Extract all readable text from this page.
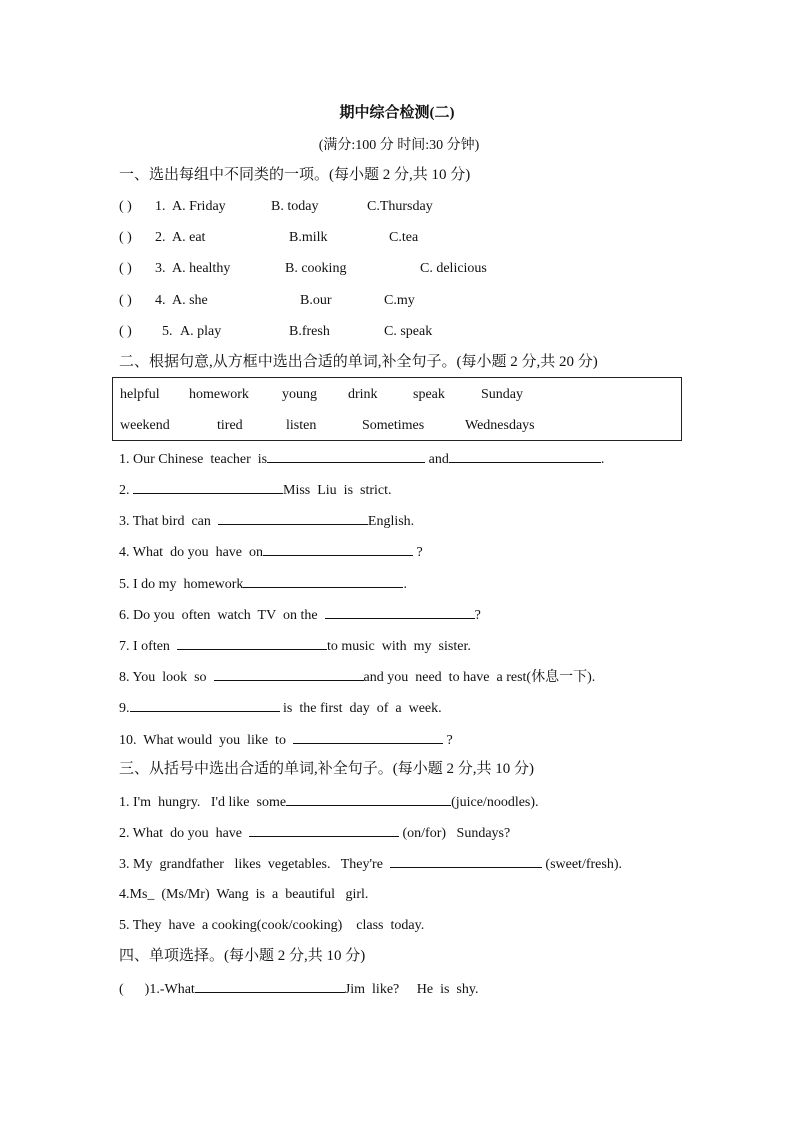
期中综合检测(二)
(满分:100 分 时间:30 分钟)
一、选出每组中不同类的一项。(每小题 2 分,共 10 分)
( ) 1. A. Friday	B. today	C.Thursday
( ) 2. A. eat	B.milk	C.tea
( ) 3. A. healthy	B. cooking	C. delicious
( ) 4. A. she	B.our	C.my
( ) 5. A. play	B.fresh	C. speak
二、根据句意,从方框中选出合适的单词,补全句子。(每小题 2 分,共 20 分)
helpful homework young drink	speak	Sunday
weekend	tired	listen	Sometimes	Wednesdays
1. Our Chinese  teacher  is	and	.
2.	Miss  Liu  is  strict.
3. That bird  can	English.
4. What  do you  have  on	?
5. I do my  homework	.
6. Do you  often  watch  TV  on the	?
7. I often	to music  with  my  sister.
8. You  look  so	and you  need  to have  a rest(休息一下).
9.	is  the first  day  of  a  week.
10.  What would  you  like  to	?
三、从括号中选出合适的单词,补全句子。(每小题 2 分,共 10 分)
1. I'm  hungry.   I'd like  some	(juice/noodles).
2. What  do you  have	(on/for)   Sundays?
3. My  grandfather   likes  vegetables.   They're	(sweet/fresh).
4.Ms_  (Ms/Mr)  Wang  is  a  beautiful   girl.
5. They  have  a cooking(cook/cooking)    class  today.
四、单项选择。(每小题 2 分,共 10 分)
(      )1.-What	Jim  like?     He  is  shy.
